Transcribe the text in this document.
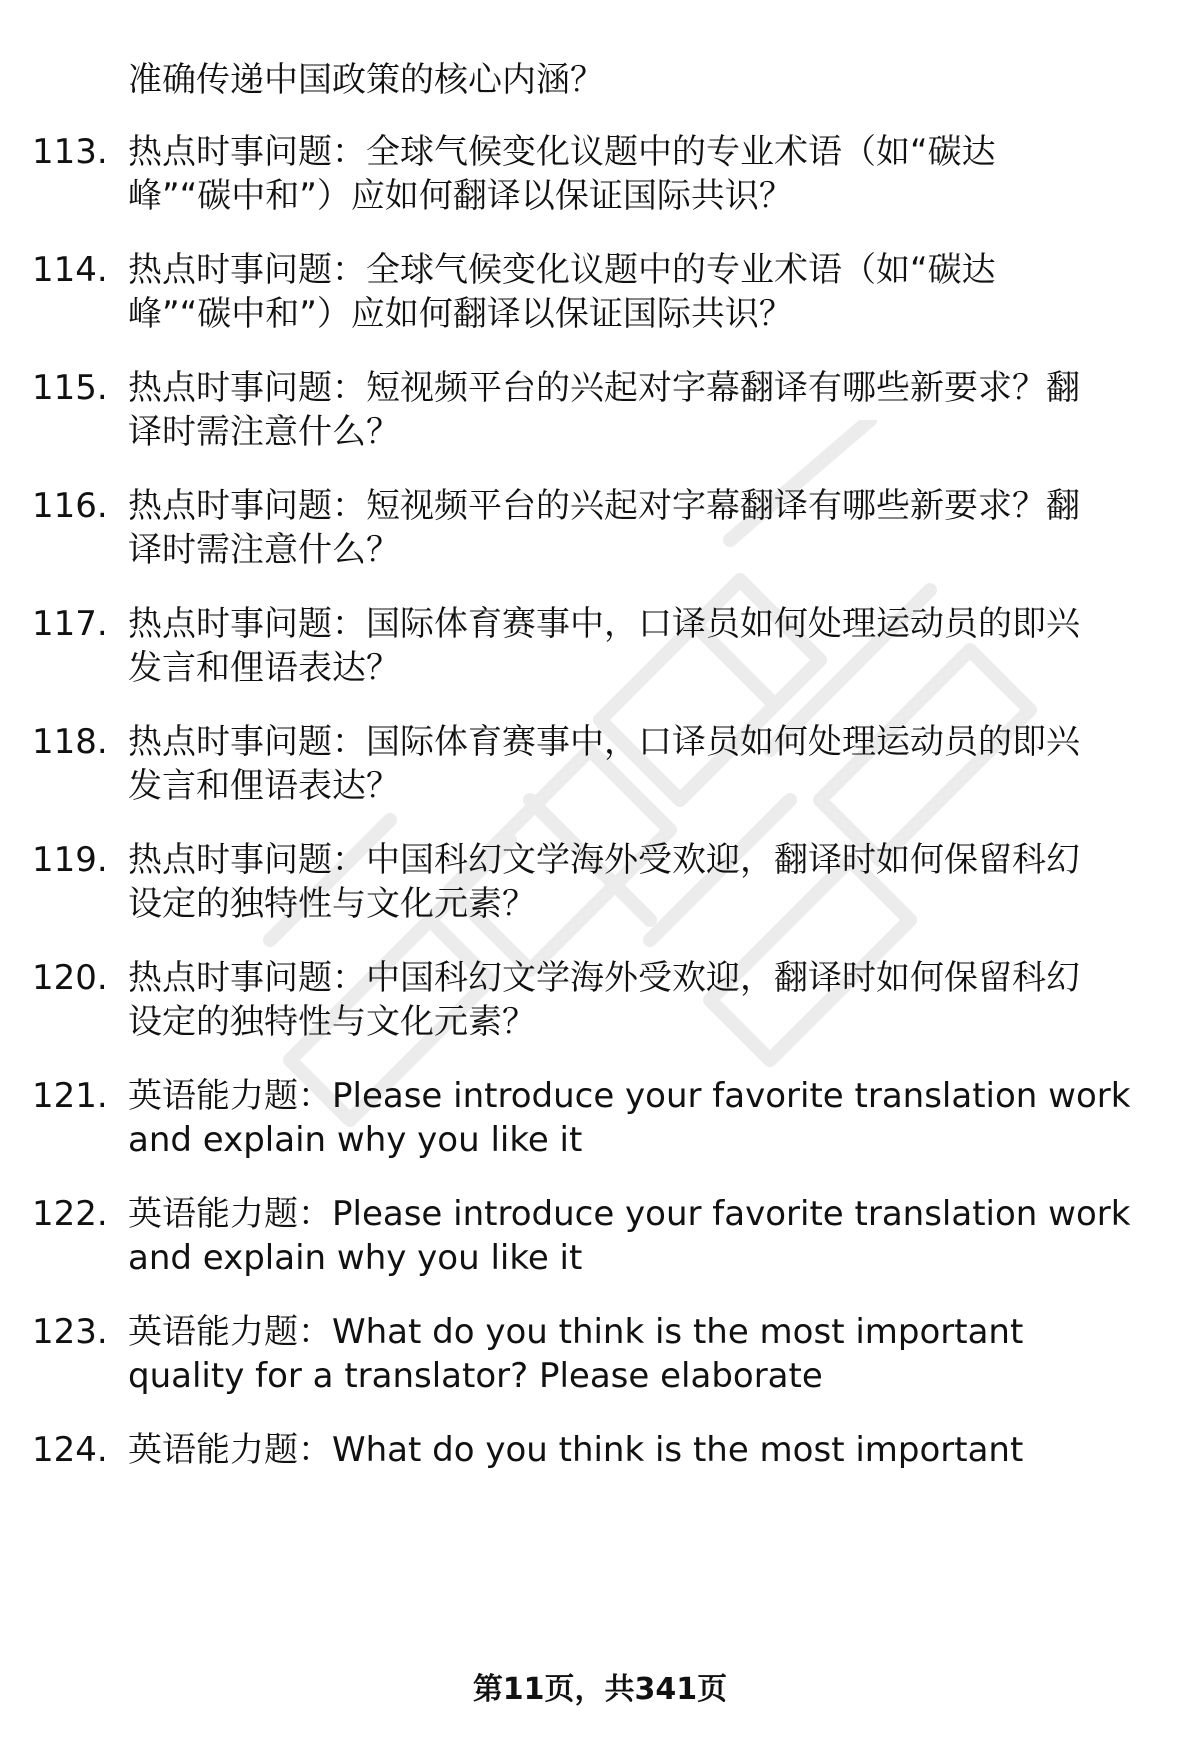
准确传递中国政策的核心内涵？
113. 热点时事问题：全球气候变化议题中的专业术语（如“碳达
峰”“碳中和”）应如何翻译以保证国际共识？
114. 热点时事问题：全球气候变化议题中的专业术语（如“碳达
峰”“碳中和”）应如何翻译以保证国际共识？
115. 热点时事问题：短视频平台的兴起对字幕翻译有哪些新要求？翻
译时需注意什么？
116. 热点时事问题：短视频平台的兴起对字幕翻译有哪些新要求？翻
译时需注意什么？
117. 热点时事问题：国际体育赛事中，口译员如何处理运动员的即兴
发言和俚语表达？
118. 热点时事问题：国际体育赛事中，口译员如何处理运动员的即兴
发言和俚语表达？
119. 热点时事问题：中国科幻文学海外受欢迎，翻译时如何保留科幻
设定的独特性与文化元素？
120. 热点时事问题：中国科幻文学海外受欢迎，翻译时如何保留科幻
设定的独特性与文化元素？
121. 英语能力题：Please introduce your favorite translation work
and explain why you like it
122. 英语能力题：Please introduce your favorite translation work
and explain why you like it
123. 英语能力题：What do you think is the most important
quality for a translator? Please elaborate
124. 英语能力题：What do you think is the most important
第11页，共341页
